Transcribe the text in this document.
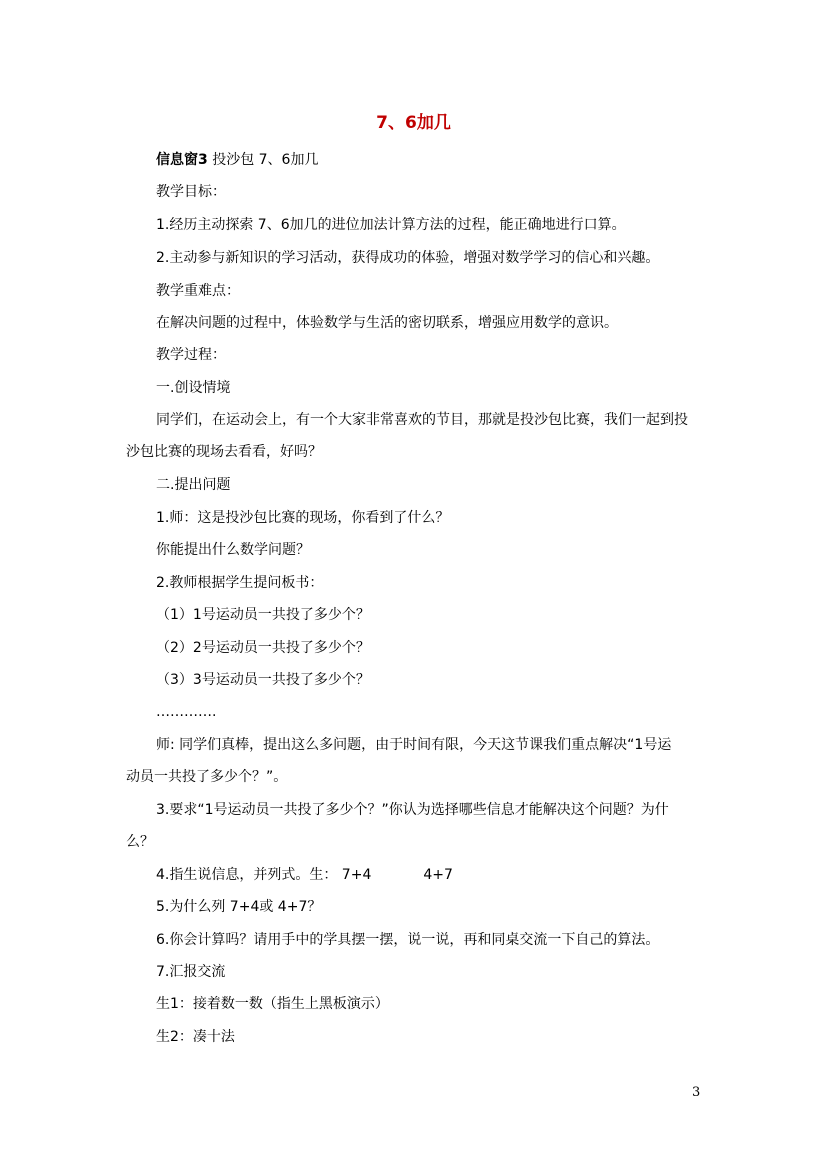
7、6加几

信息窗3 投沙包 7、6加几

教学目标：

1.经历主动探索 7、6加几的进位加法计算方法的过程，能正确地进行口算。

2.主动参与新知识的学习活动，获得成功的体验，增强对数学学习的信心和兴趣。

教学重难点：

在解决问题的过程中，体验数学与生活的密切联系，增强应用数学的意识。

教学过程：

一.创设情境

同学们，在运动会上，有一个大家非常喜欢的节目，那就是投沙包比赛，我们一起到投

沙包比赛的现场去看看，好吗？

二.提出问题

1.师：这是投沙包比赛的现场，你看到了什么？

你能提出什么数学问题？

2.教师根据学生提问板书：

（1）1号运动员一共投了多少个？

（2）2号运动员一共投了多少个？

（3）3号运动员一共投了多少个？

………….

师: 同学们真棒，提出这么多问题，由于时间有限，今天这节课我们重点解决“1号运

动员一共投了多少个？”。

3.要求“1号运动员一共投了多少个？”你认为选择哪些信息才能解决这个问题？为什

么？

4.指生说信息，并列式。生： 7+4	4+7

5.为什么列 7+4或 4+7？

6.你会计算吗？请用手中的学具摆一摆，说一说，再和同桌交流一下自己的算法。

7.汇报交流

生1：接着数一数（指生上黑板演示）

生2：凑十法

3
